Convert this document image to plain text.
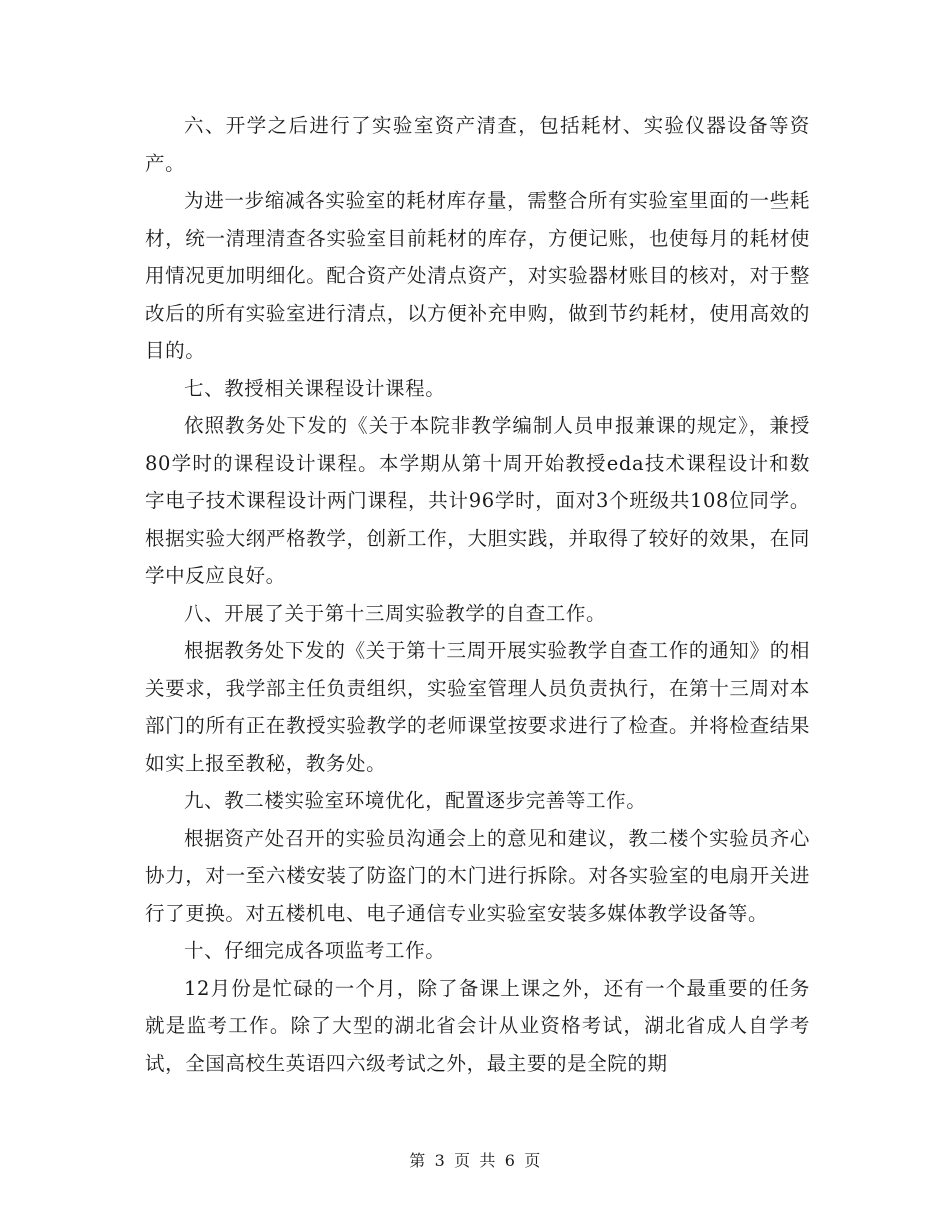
六、开学之后进行了实验室资产清查，包括耗材、实验仪器设备等资产。

为进一步缩减各实验室的耗材库存量，需整合所有实验室里面的一些耗材，统一清理清查各实验室目前耗材的库存，方便记账，也使每月的耗材使用情况更加明细化。配合资产处清点资产，对实验器材账目的核对，对于整改后的所有实验室进行清点，以方便补充申购，做到节约耗材，使用高效的目的。

七、教授相关课程设计课程。

依照教务处下发的《关于本院非教学编制人员申报兼课的规定》，兼授80学时的课程设计课程。本学期从第十周开始教授eda技术课程设计和数字电子技术课程设计两门课程，共计96学时，面对3个班级共108位同学。根据实验大纲严格教学，创新工作，大胆实践，并取得了较好的效果，在同学中反应良好。

八、开展了关于第十三周实验教学的自查工作。

根据教务处下发的《关于第十三周开展实验教学自查工作的通知》的相关要求，我学部主任负责组织，实验室管理人员负责执行，在第十三周对本部门的所有正在教授实验教学的老师课堂按要求进行了检查。并将检查结果如实上报至教秘，教务处。

九、教二楼实验室环境优化，配置逐步完善等工作。

根据资产处召开的实验员沟通会上的意见和建议，教二楼个实验员齐心协力，对一至六楼安装了防盗门的木门进行拆除。对各实验室的电扇开关进行了更换。对五楼机电、电子通信专业实验室安装多媒体教学设备等。

十、仔细完成各项监考工作。

12月份是忙碌的一个月，除了备课上课之外，还有一个最重要的任务就是监考工作。除了大型的湖北省会计从业资格考试，湖北省成人自学考试，全国高校生英语四六级考试之外，最主要的是全院的期

第 3 页 共 6 页
